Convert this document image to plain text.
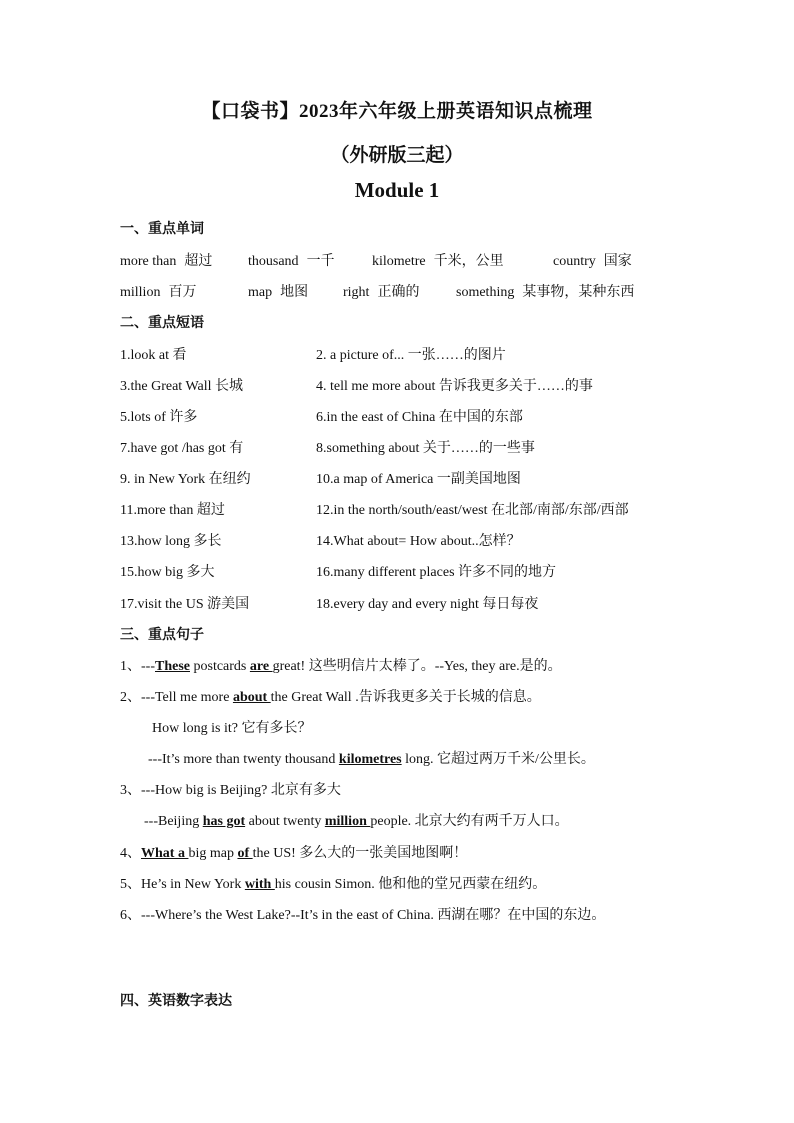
【口袋书】2023年六年级上册英语知识点梳理
（外研版三起）
Module 1
一、重点单词
more than 超过	thousand 一千	kilometre 千米，公里	country 国家
million 百万	map 地图 right 正确的	something 某事物，某种东西
二、重点短语
1.look at 看	2. a picture of... 一张……的图片
3.the Great Wall 长城	4. tell me more about 告诉我更多关于……的事
5.lots of 许多	6.in the east of China 在中国的东部
7.have got /has got 有	8.something about 关于……的一些事
9. in New York 在纽约	10.a map of America 一副美国地图
11.more than 超过	12.in the north/south/east/west 在北部/南部/东部/西部
13.how long 多长	14.What about= How about..怎样？
15.how big 多大	16.many different places 许多不同的地方
17.visit the US 游美国	18.every day and every night 每日每夜
三、重点句子
1、---These postcards are great! 这些明信片太棒了。--Yes, they are.是的。
2、---Tell me more about the Great Wall .告诉我更多关于长城的信息。
How long is it? 它有多长？
---It’s more than twenty thousand kilometres long. 它超过两万千米/公里长。
3、---How big is Beijing? 北京有多大
---Beijing has got about twenty million people. 北京大约有两千万人口。
4、What a big map of the US! 多么大的一张美国地图啊！
5、He’s in New York with his cousin Simon. 他和他的堂兄西蒙在纽约。
6、---Where’s the West Lake?--It’s in the east of China. 西湖在哪？在中国的东边。
四、英语数字表达
